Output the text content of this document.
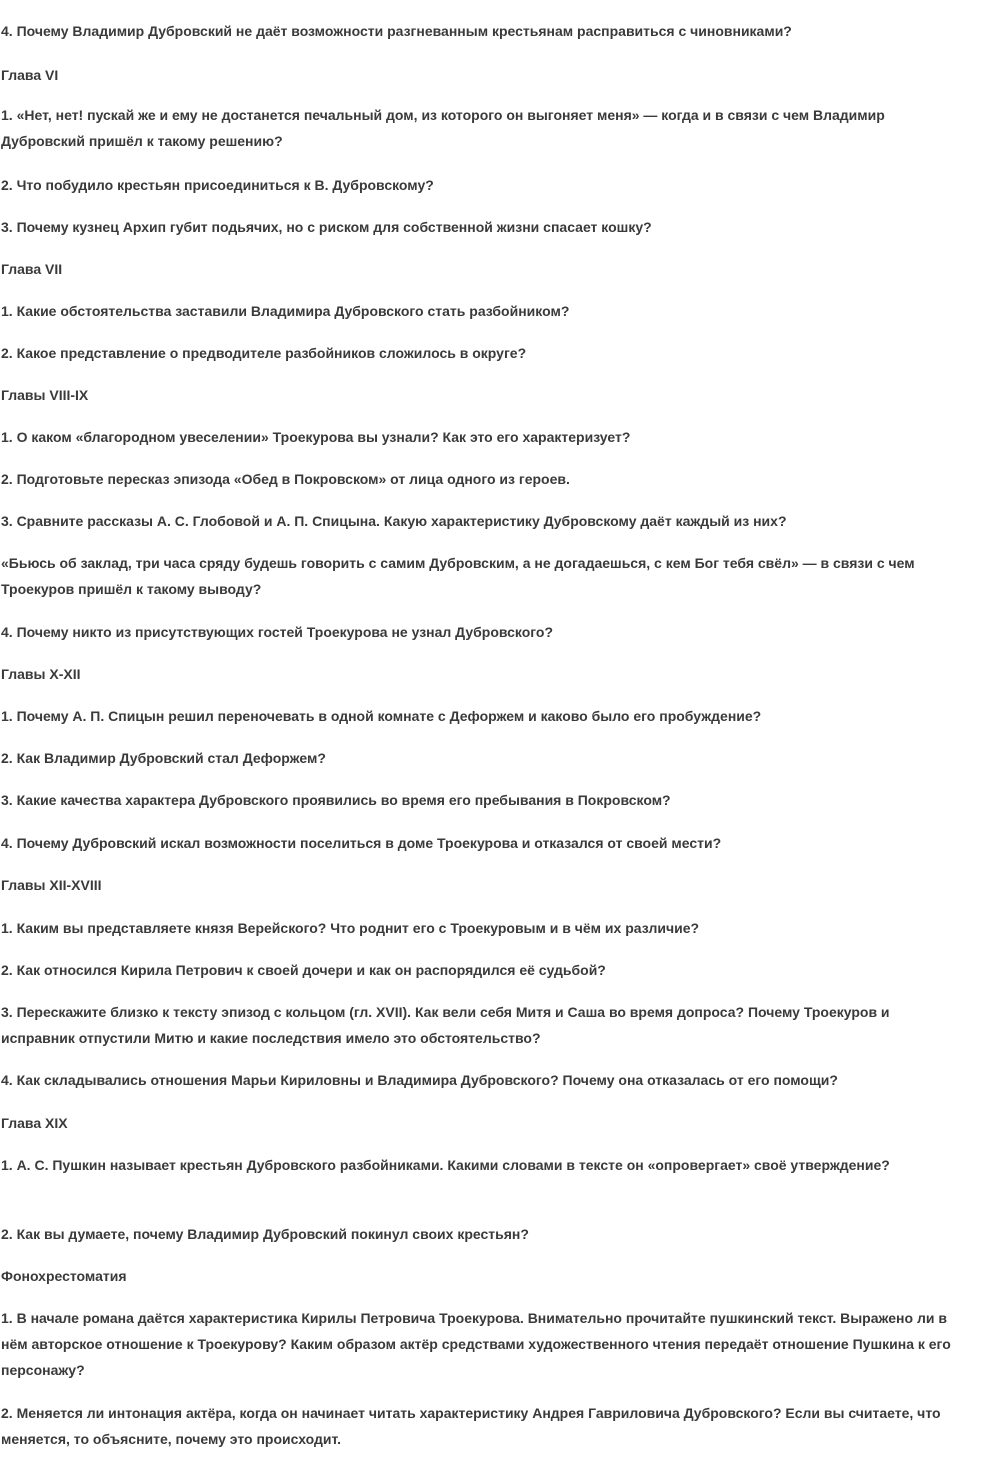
4. Почему Владимир Дубровский не даёт возможности разгневанным крестьянам расправиться с чиновниками?
Глава VI
1. «Нет, нет! пускай же и ему не достанется печальный дом, из которого он выгоняет меня» — когда и в связи с чем Владимир Дубровский пришёл к такому решению?
2. Что побудило крестьян присоединиться к В. Дубровскому?
3. Почему кузнец Архип губит подьячих, но с риском для собственной жизни спасает кошку?
Глава VII
1. Какие обстоятельства заставили Владимира Дубровского стать разбойником?
2. Какое представление о предводителе разбойников сложилось в округе?
Главы VIII-IX
1. О каком «благородном увеселении» Троекурова вы узнали? Как это его характеризует?
2. Подготовьте пересказ эпизода «Обед в Покровском» от лица одного из героев.
3. Сравните рассказы А. С. Глобовой и А. П. Спицына. Какую характеристику Дубровскому даёт каждый из них?
«Бьюсь об заклад, три часа сряду будешь говорить с самим Дубровским, а не догадаешься, с кем Бог тебя свёл» — в связи с чем Троекуров пришёл к такому выводу?
4. Почему никто из присутствующих гостей Троекурова не узнал Дубровского?
Главы X-XII
1. Почему А. П. Спицын решил переночевать в одной комнате с Дефоржем и каково было его пробуждение?
2. Как Владимир Дубровский стал Дефоржем?
3. Какие качества характера Дубровского проявились во время его пребывания в Покровском?
4. Почему Дубровский искал возможности поселиться в доме Троекурова и отказался от своей мести?
Главы XII-XVIII
1. Каким вы представляете князя Верейского? Что роднит его с Троекуровым и в чём их различие?
2. Как относился Кирила Петрович к своей дочери и как он распорядился её судьбой?
3. Перескажите близко к тексту эпизод с кольцом (гл. XVII). Как вели себя Митя и Саша во время допроса? Почему Троекуров и исправник отпустили Митю и какие последствия имело это обстоятельство?
4. Как складывались отношения Марьи Кириловны и Владимира Дубровского? Почему она отказалась от его помощи?
Глава XIX
1. А. С. Пушкин называет крестьян Дубровского разбойниками. Какими словами в тексте он «опровергает» своё утверждение?
2. Как вы думаете, почему Владимир Дубровский покинул своих крестьян?
Фонохрестоматия
1. В начале романа даётся характеристика Кирилы Петровича Троекурова. Внимательно прочитайте пушкинский текст. Выражено ли в нём авторское отношение к Троекурову? Каким образом актёр средствами художественного чтения передаёт отношение Пушкина к его персонажу?
2. Меняется ли интонация актёра, когда он начинает читать характеристику Андрея Гавриловича Дубровского? Если вы считаете, что меняется, то объясните, почему это происходит.
